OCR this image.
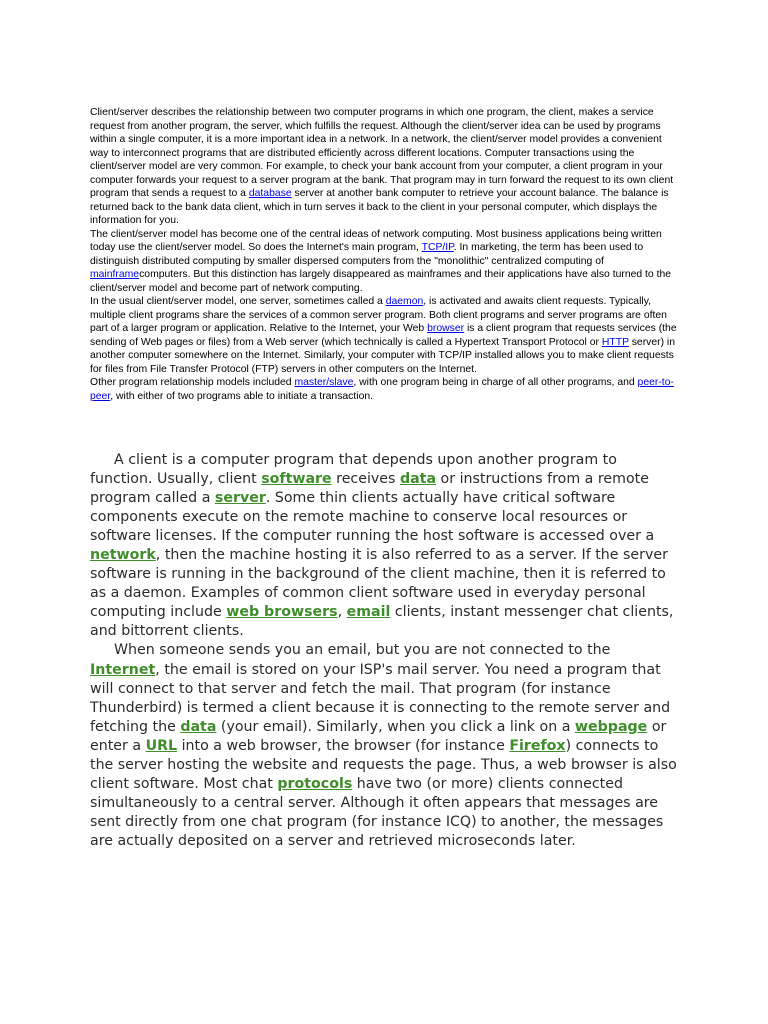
Client/server describes the relationship between two computer programs in which one program, the client, makes a service request from another program, the server, which fulfills the request. Although the client/server idea can be used by programs within a single computer, it is a more important idea in a network. In a network, the client/server model provides a convenient way to interconnect programs that are distributed efficiently across different locations. Computer transactions using the client/server model are very common. For example, to check your bank account from your computer, a client program in your computer forwards your request to a server program at the bank. That program may in turn forward the request to its own client program that sends a request to a database server at another bank computer to retrieve your account balance. The balance is returned back to the bank data client, which in turn serves it back to the client in your personal computer, which displays the information for you.

The client/server model has become one of the central ideas of network computing. Most business applications being written today use the client/server model. So does the Internet's main program, TCP/IP. In marketing, the term has been used to distinguish distributed computing by smaller dispersed computers from the "monolithic" centralized computing of mainframecomputers. But this distinction has largely disappeared as mainframes and their applications have also turned to the client/server model and become part of network computing.

In the usual client/server model, one server, sometimes called a daemon, is activated and awaits client requests. Typically, multiple client programs share the services of a common server program. Both client programs and server programs are often part of a larger program or application. Relative to the Internet, your Web browser is a client program that requests services (the sending of Web pages or files) from a Web server (which technically is called a Hypertext Transport Protocol or HTTP server) in another computer somewhere on the Internet. Similarly, your computer with TCP/IP installed allows you to make client requests for files from File Transfer Protocol (FTP) servers in other computers on the Internet.

Other program relationship models included master/slave, with one program being in charge of all other programs, and peer-to-peer, with either of two programs able to initiate a transaction.

A client is a computer program that depends upon another program to function. Usually, client software receives data or instructions from a remote program called a server. Some thin clients actually have critical software components execute on the remote machine to conserve local resources or software licenses. If the computer running the host software is accessed over a network, then the machine hosting it is also referred to as a server. If the server software is running in the background of the client machine, then it is referred to as a daemon. Examples of common client software used in everyday personal computing include web browsers, email clients, instant messenger chat clients, and bittorrent clients.

When someone sends you an email, but you are not connected to the Internet, the email is stored on your ISP's mail server. You need a program that will connect to that server and fetch the mail. That program (for instance Thunderbird) is termed a client because it is connecting to the remote server and fetching the data (your email). Similarly, when you click a link on a webpage or enter a URL into a web browser, the browser (for instance Firefox) connects to the server hosting the website and requests the page. Thus, a web browser is also client software. Most chat protocols have two (or more) clients connected simultaneously to a central server. Although it often appears that messages are sent directly from one chat program (for instance ICQ) to another, the messages are actually deposited on a server and retrieved microseconds later.
